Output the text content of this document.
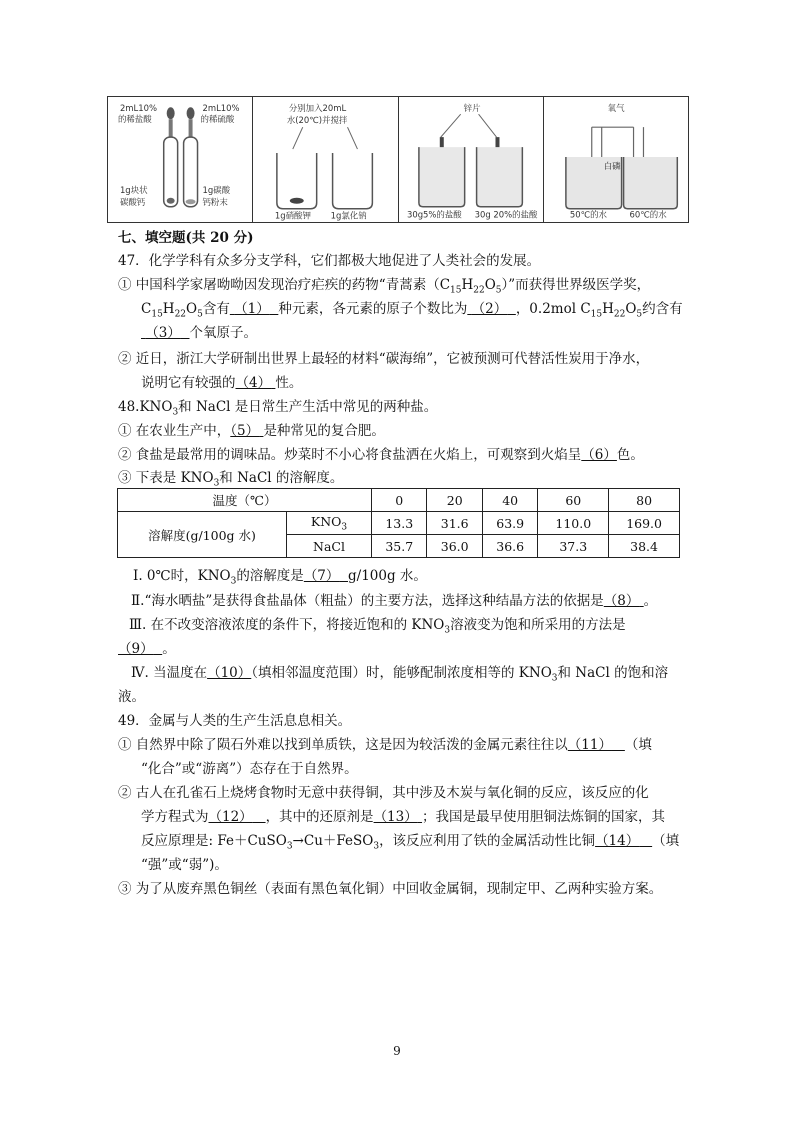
2mL10%
的稀盐酸
2mL10%
的稀硫酸
1g块状
碳酸钙
1g碳酸
钙粉末
分别加入20mL
水(20℃)并搅拌
1g硝酸钾 1g氯化钠
锌片
30g5%的盐酸 30g 20%的盐酸
氧气
白磷
50℃的水	60℃的水
七、填空题(共 20 分)
47．化学学科有众多分支学科，它们都极大地促进了人类社会的发展。
① 中国科学家屠呦呦因发现治疗疟疾的药物“青蒿素$(C_{15}H_{22}O_5)$”而获得世界级医学奖，
$C_{15}H_{22}O_5$含有 （1） 种元素，各元素的原子个数比为 （2） ，0.2mol $C_{15}H_{22}O_5$约含有
（3） 个氧原子。
② 近日，浙江大学研制出世界上最轻的材料“碳海绵”，它被预测可代替活性炭用于净水，
说明它有较强的（4） 性。
$48.KNO_3$和 NaCl 是日常生产生活中常见的两种盐。
① 在农业生产中，（5） 是种常见的复合肥。
② 食盐是最常用的调味品。炒菜时不小心将食盐洒在火焰上，可观察到火焰呈（6）色。
③ 下表是 $KNO_3$和 NaCl 的溶解度。
温度（℃）		0	20	40	60	80
溶解度(g/100g 水)	$KNO_3$	13.3	31.6	63.9	110.0	169.0
	NaCl	35.7	36.0	36.6	37.3	38.4
Ⅰ. 0℃时，$KNO_3$的溶解度是（7） g/100g 水。
Ⅱ.“海水晒盐”是获得食盐晶体（粗盐）的主要方法，选择这种结晶方法的依据是（8） 。
Ⅲ. 在不改变溶液浓度的条件下，将接近饱和的 $KNO_3$溶液变为饱和所采用的方法是
（9） 。
Ⅳ. 当温度在（10）（填相邻温度范围）时，能够配制浓度相等的 $KNO_3$和 NaCl 的饱和溶
液。
49．金属与人类的生产生活息息相关。
① 自然界中除了陨石外难以找到单质铁，这是因为较活泼的金属元素往往以（11） （填
“化合”或“游离”）态存在于自然界。
② 古人在孔雀石上烧烤食物时无意中获得铜，其中涉及木炭与氧化铜的反应，该反应的化
学方程式为（12） ，其中的还原剂是（13） ；我国是最早使用胆铜法炼铜的国家，其
反应原理是: Fe＋CuSO$_3$→Cu＋FeSO$_3$，该反应利用了铁的金属活动性比铜（14） （填
“强”或“弱”)。
③ 为了从废弃黑色铜丝（表面有黑色氧化铜）中回收金属铜，现制定甲、乙两种实验方案。
9
